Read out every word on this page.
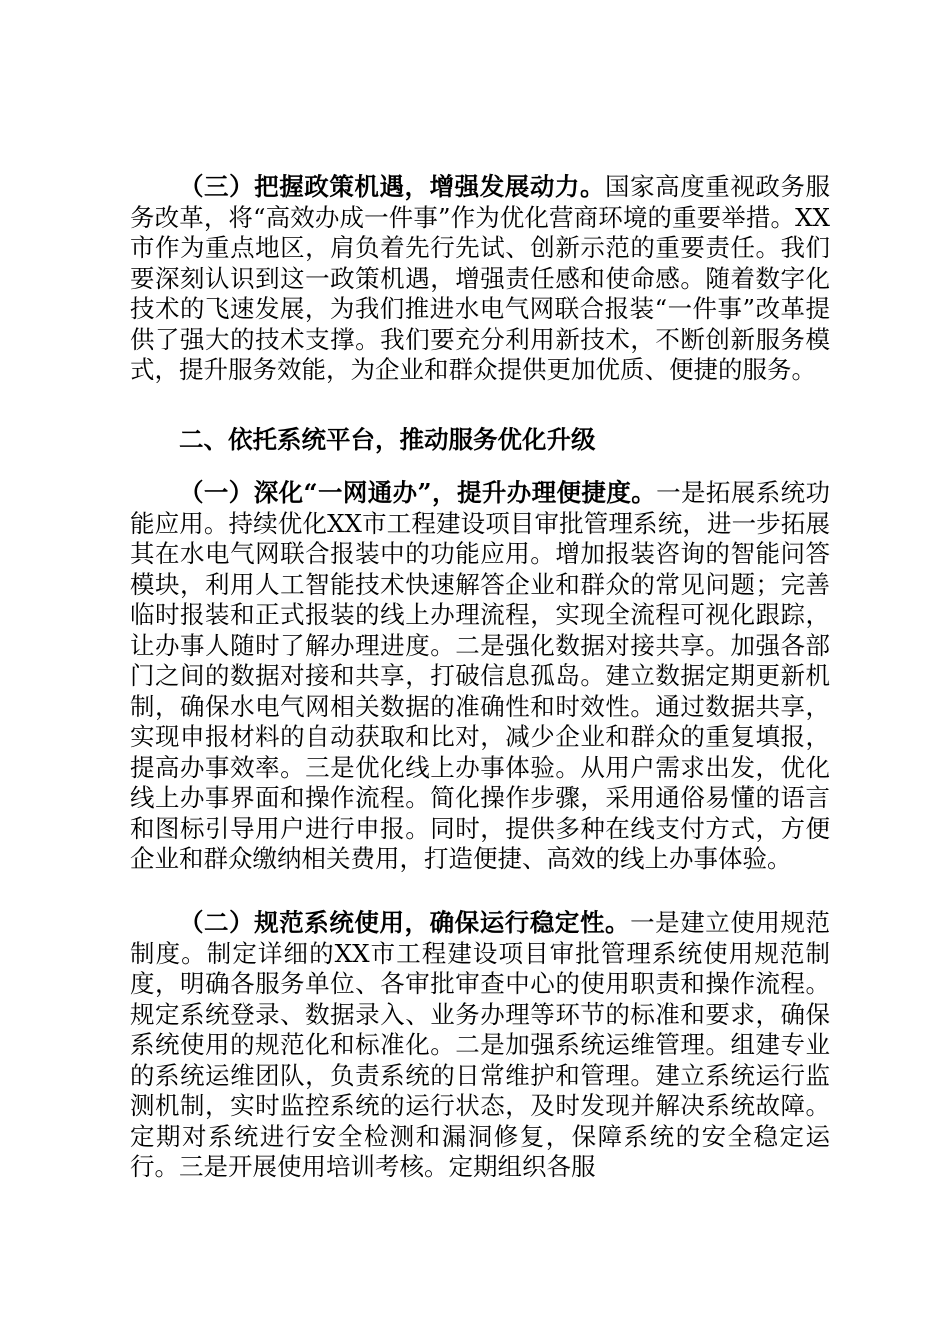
（三）把握政策机遇，增强发展动力。国家高度重视政务服务改革，将“高效办成一件事”作为优化营商环境的重要举措。XX市作为重点地区，肩负着先行先试、创新示范的重要责任。我们要深刻认识到这一政策机遇，增强责任感和使命感。随着数字化技术的飞速发展，为我们推进水电气网联合报装“一件事”改革提供了强大的技术支撑。我们要充分利用新技术，不断创新服务模式，提升服务效能，为企业和群众提供更加优质、便捷的服务。

二、依托系统平台，推动服务优化升级

（一）深化“一网通办”，提升办理便捷度。一是拓展系统功能应用。持续优化XX市工程建设项目审批管理系统，进一步拓展其在水电气网联合报装中的功能应用。增加报装咨询的智能问答模块，利用人工智能技术快速解答企业和群众的常见问题；完善临时报装和正式报装的线上办理流程，实现全流程可视化跟踪，让办事人随时了解办理进度。二是强化数据对接共享。加强各部门之间的数据对接和共享，打破信息孤岛。建立数据定期更新机制，确保水电气网相关数据的准确性和时效性。通过数据共享，实现申报材料的自动获取和比对，减少企业和群众的重复填报，提高办事效率。三是优化线上办事体验。从用户需求出发，优化线上办事界面和操作流程。简化操作步骤，采用通俗易懂的语言和图标引导用户进行申报。同时，提供多种在线支付方式，方便企业和群众缴纳相关费用，打造便捷、高效的线上办事体验。

（二）规范系统使用，确保运行稳定性。一是建立使用规范制度。制定详细的XX市工程建设项目审批管理系统使用规范制度，明确各服务单位、各审批审查中心的使用职责和操作流程。规定系统登录、数据录入、业务办理等环节的标准和要求，确保系统使用的规范化和标准化。二是加强系统运维管理。组建专业的系统运维团队，负责系统的日常维护和管理。建立系统运行监测机制，实时监控系统的运行状态，及时发现并解决系统故障。定期对系统进行安全检测和漏洞修复，保障系统的安全稳定运行。三是开展使用培训考核。定期组织各服
